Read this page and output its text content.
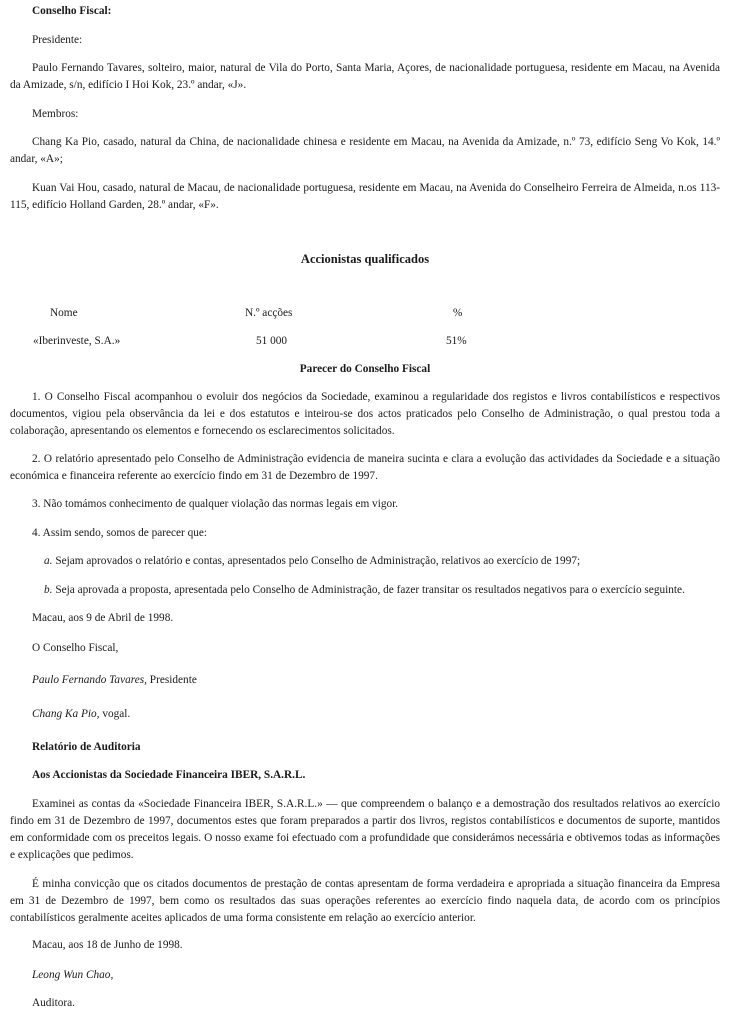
Conselho Fiscal:

Presidente:

Paulo Fernando Tavares, solteiro, maior, natural de Vila do Porto, Santa Maria, Açores, de nacionalidade portuguesa, residente em Macau, na Avenida da Amizade, s/n, edifício I Hoi Kok, 23.º andar, «J».

Membros:

Chang Ka Pio, casado, natural da China, de nacionalidade chinesa e residente em Macau, na Avenida da Amizade, n.º 73, edifício Seng Vo Kok, 14.º andar, «A»;

Kuan Vai Hou, casado, natural de Macau, de nacionalidade portuguesa, residente em Macau, na Avenida do Conselheiro Ferreira de Almeida, n.os 113-115, edifício Holland Garden, 28.º andar, «F».

Accionistas qualificados

Nome	N.º acções	%
«Iberinveste, S.A.»	51 000	51%

Parecer do Conselho Fiscal

1. O Conselho Fiscal acompanhou o evoluir dos negócios da Sociedade, examinou a regularidade dos registos e livros contabilísticos e respectivos documentos, vigiou pela observância da lei e dos estatutos e inteirou-se dos actos praticados pelo Conselho de Administração, o qual prestou toda a colaboração, apresentando os elementos e fornecendo os esclarecimentos solicitados.

2. O relatório apresentado pelo Conselho de Administração evidencia de maneira sucinta e clara a evolução das actividades da Sociedade e a situação económica e financeira referente ao exercício findo em 31 de Dezembro de 1997.

3. Não tomámos conhecimento de qualquer violação das normas legais em vigor.

4. Assim sendo, somos de parecer que:

a. Sejam aprovados o relatório e contas, apresentados pelo Conselho de Administração, relativos ao exercício de 1997;

b. Seja aprovada a proposta, apresentada pelo Conselho de Administração, de fazer transitar os resultados negativos para o exercício seguinte.

Macau, aos 9 de Abril de 1998.

O Conselho Fiscal,

Paulo Fernando Tavares, Presidente

Chang Ka Pio, vogal.

Relatório de Auditoria

Aos Accionistas da Sociedade Financeira IBER, S.A.R.L.

Examinei as contas da «Sociedade Financeira IBER, S.A.R.L.» — que compreendem o balanço e a demostração dos resultados relativos ao exercício findo em 31 de Dezembro de 1997, documentos estes que foram preparados a partir dos livros, registos contabilísticos e documentos de suporte, mantidos em conformidade com os preceitos legais. O nosso exame foi efectuado com a profundidade que considerámos necessária e obtivemos todas as informações e explicações que pedimos.

É minha convicção que os citados documentos de prestação de contas apresentam de forma verdadeira e apropriada a situação financeira da Empresa em 31 de Dezembro de 1997, bem como os resultados das suas operações referentes ao exercício findo naquela data, de acordo com os princípios contabilísticos geralmente aceites aplicados de uma forma consistente em relação ao exercício anterior.

Macau, aos 18 de Junho de 1998.

Leong Wun Chao,

Auditora.
